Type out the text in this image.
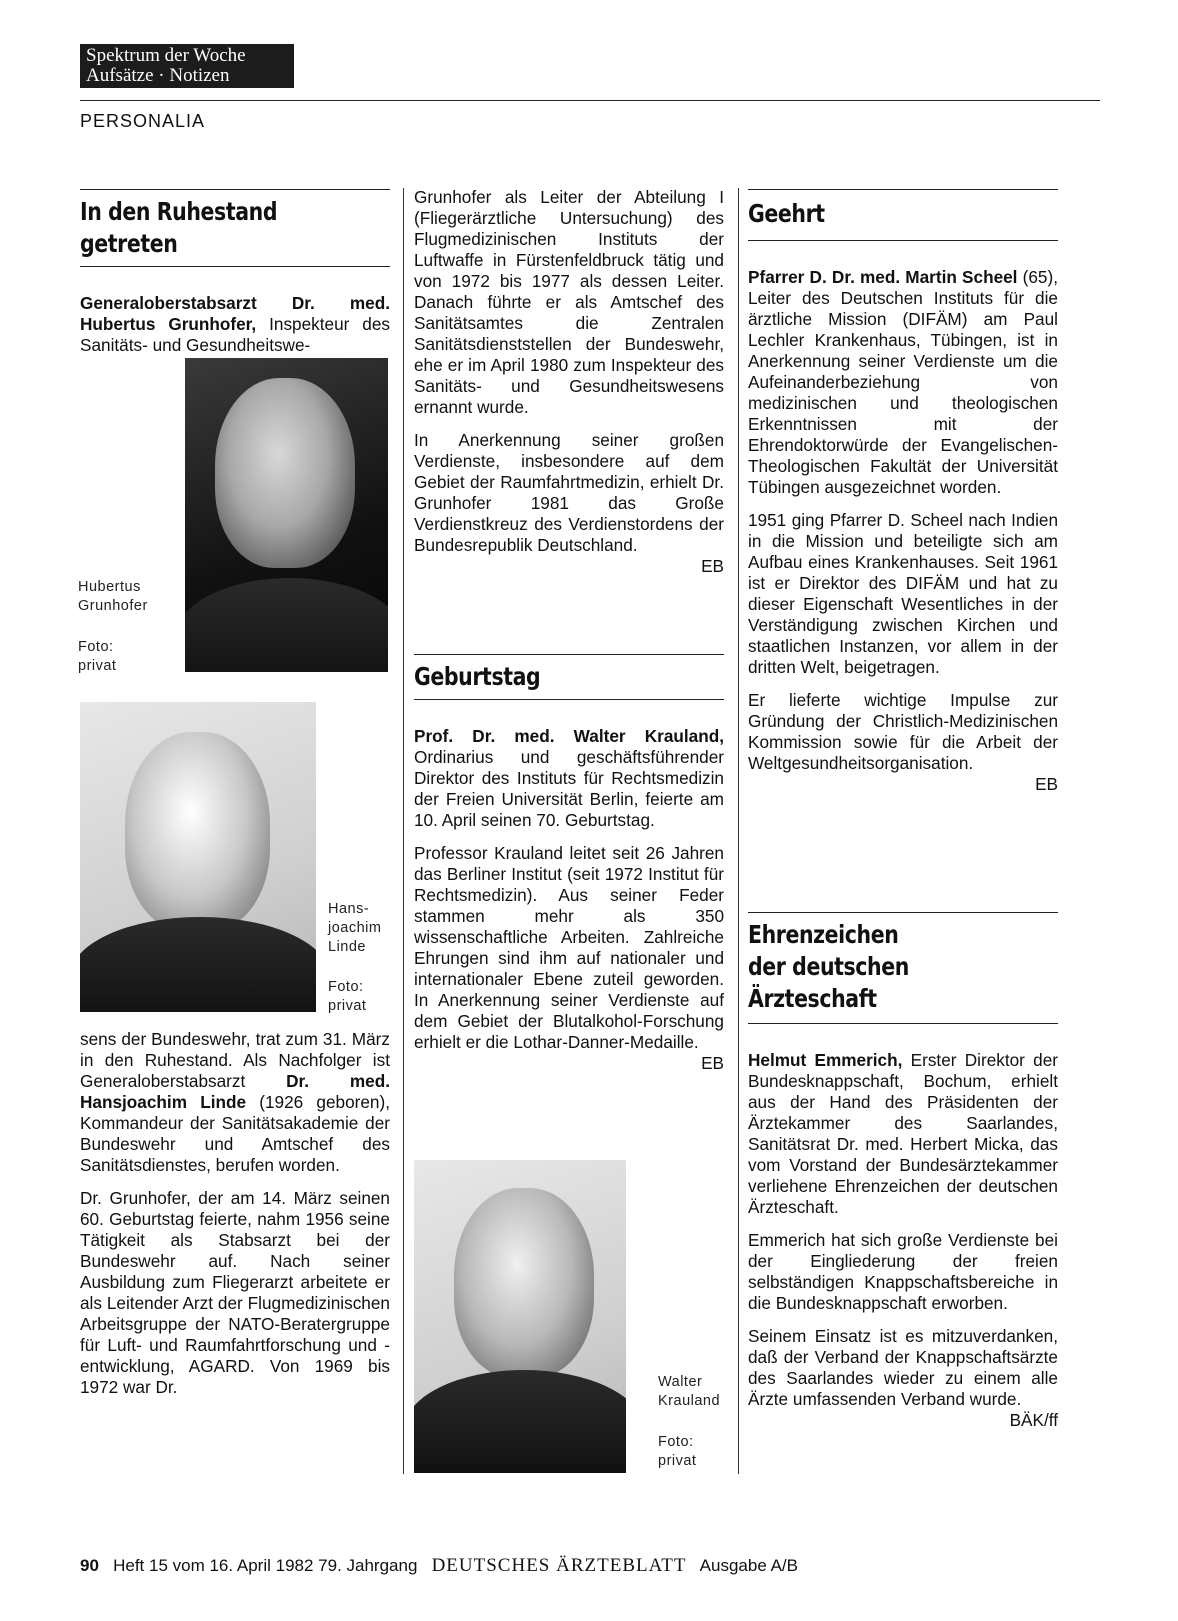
Spektrum der Woche
Aufsätze · Notizen
PERSONALIA
In den Ruhestand getreten

Generaloberstabsarzt Dr. med. Hubertus Grunhofer, Inspekteur des Sanitäts- und Gesundheitswe-

Hubertus
Grunhofer
Foto:
privat
Hans-
joachim
Linde
Foto:
privat

sens der Bundeswehr, trat zum 31. März in den Ruhestand. Als Nachfolger ist Generaloberstabsarzt Dr. med. Hansjoachim Linde (1926 geboren), Kommandeur der Sanitätsakademie der Bundeswehr und Amtschef des Sanitätsdienstes, berufen worden.

Dr. Grunhofer, der am 14. März seinen 60. Geburtstag feierte, nahm 1956 seine Tätigkeit als Stabsarzt bei der Bundeswehr auf. Nach seiner Ausbildung zum Fliegerarzt arbeitete er als Leitender Arzt der Flugmedizinischen Arbeitsgruppe der NATO-Beratergruppe für Luft- und Raumfahrtforschung und -entwicklung, AGARD. Von 1969 bis 1972 war Dr.

Grunhofer als Leiter der Abteilung I (Fliegerärztliche Untersuchung) des Flugmedizinischen Instituts der Luftwaffe in Fürstenfeldbruck tätig und von 1972 bis 1977 als dessen Leiter. Danach führte er als Amtschef des Sanitätsamtes die Zentralen Sanitätsdienststellen der Bundeswehr, ehe er im April 1980 zum Inspekteur des Sanitäts- und Gesundheitswesens ernannt wurde.

In Anerkennung seiner großen Verdienste, insbesondere auf dem Gebiet der Raumfahrtmedizin, erhielt Dr. Grunhofer 1981 das Große Verdienstkreuz des Verdienstordens der Bundesrepublik Deutschland.
EB

Geburtstag

Prof. Dr. med. Walter Krauland, Ordinarius und geschäftsführender Direktor des Instituts für Rechtsmedizin der Freien Universität Berlin, feierte am 10. April seinen 70. Geburtstag.

Professor Krauland leitet seit 26 Jahren das Berliner Institut (seit 1972 Institut für Rechtsmedizin). Aus seiner Feder stammen mehr als 350 wissenschaftliche Arbeiten. Zahlreiche Ehrungen sind ihm auf nationaler und internationaler Ebene zuteil geworden. In Anerkennung seiner Verdienste auf dem Gebiet der Blutalkohol-Forschung erhielt er die Lothar-Danner-Medaille.
EB

Walter
Krauland
Foto:
privat
Geehrt

Pfarrer D. Dr. med. Martin Scheel (65), Leiter des Deutschen Instituts für die ärztliche Mission (DIFÄM) am Paul Lechler Krankenhaus, Tübingen, ist in Anerkennung seiner Verdienste um die Aufeinanderbeziehung von medizinischen und theologischen Erkenntnissen mit der Ehrendoktorwürde der Evangelischen-Theologischen Fakultät der Universität Tübingen ausgezeichnet worden.

1951 ging Pfarrer D. Scheel nach Indien in die Mission und beteiligte sich am Aufbau eines Krankenhauses. Seit 1961 ist er Direktor des DIFÄM und hat zu dieser Eigenschaft Wesentliches in der Verständigung zwischen Kirchen und staatlichen Instanzen, vor allem in der dritten Welt, beigetragen.

Er lieferte wichtige Impulse zur Gründung der Christlich-Medizinischen Kommission sowie für die Arbeit der Weltgesundheitsorganisation.
EB

Ehrenzeichen
der deutschen Ärzteschaft

Helmut Emmerich, Erster Direktor der Bundesknappschaft, Bochum, erhielt aus der Hand des Präsidenten der Ärztekammer des Saarlandes, Sanitätsrat Dr. med. Herbert Micka, das vom Vorstand der Bundesärztekammer verliehene Ehrenzeichen der deutschen Ärzteschaft.

Emmerich hat sich große Verdienste bei der Eingliederung der freien selbständigen Knappschaftsbereiche in die Bundesknappschaft erworben.

Seinem Einsatz ist es mitzuverdanken, daß der Verband der Knappschaftsärzte des Saarlandes wieder zu einem alle Ärzte umfassenden Verband wurde.
BÄK/ff

90 Heft 15 vom 16. April 1982 79. Jahrgang DEUTSCHES ÄRZTEBLATT Ausgabe A/B
